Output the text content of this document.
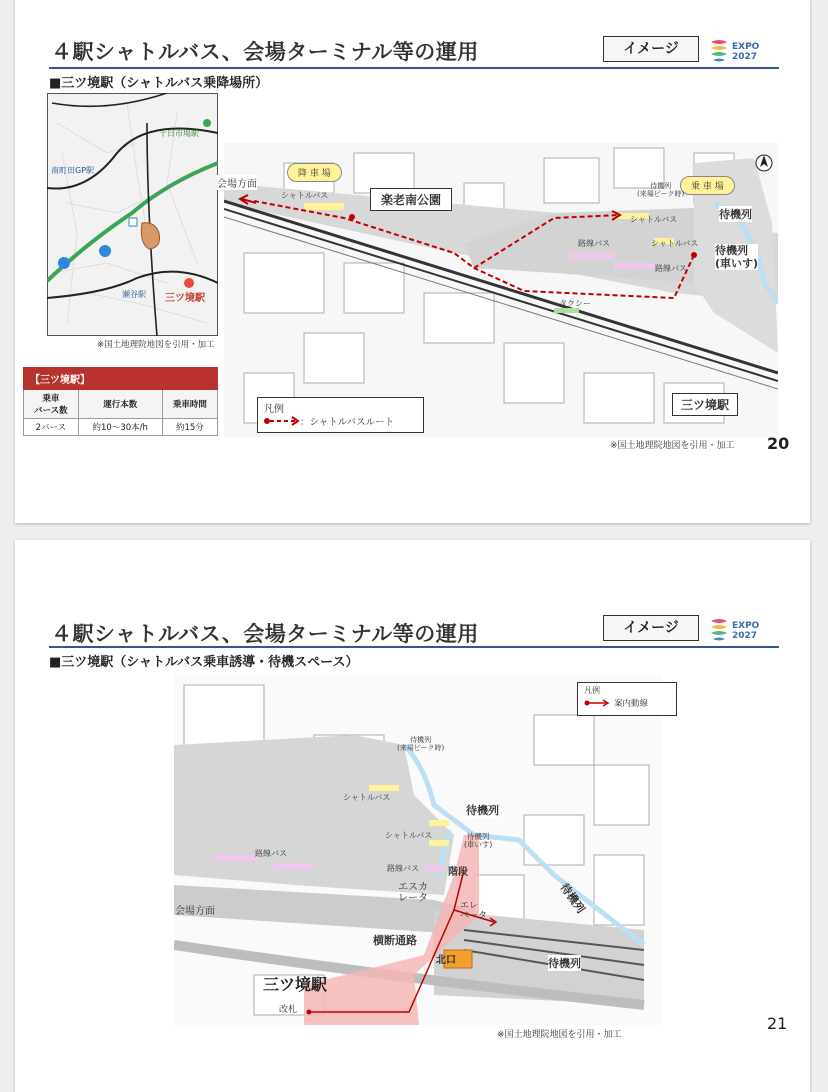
４駅シャトルバス、会場ターミナル等の運用	イメージ	EXPO
2027
■三ツ境駅（シャトルバス乗降場所）
十日市場駅
南町田GP駅
瀬谷駅 三ツ境駅
※国土地理院地図を引用・加工
【三ツ境駅】		
乗車
バース数	運行本数	乗車時間
2バース	約10～30本/h	約15分
降 車 場
乗 車 場
楽老南公園
会場方面
シャトルバス
シャトルバス
シャトルバス
待機列
(来場ピーク時)
路線バス
路線バス
タクシー
待機列
待機列
(車いす)
三ツ境駅
凡例
：シャトルバスルート
※国土地理院地図を引用・加工 20
４駅シャトルバス、会場ターミナル等の運用	イメージ	EXPO
2027
■三ツ境駅（シャトルバス乗車誘導・待機スペース）
凡例
案内動線
待機列
(来場ピーク時)
シャトルバス
シャトルバス
路線バス
路線バス
待機列
待機列
待機列
待機列
(車いす)
階段
エスカ
レータ
エレ
ベータ
会場方面
横断通路
北口
三ツ境駅
改札
※国土地理院地図を引用・加工
21
